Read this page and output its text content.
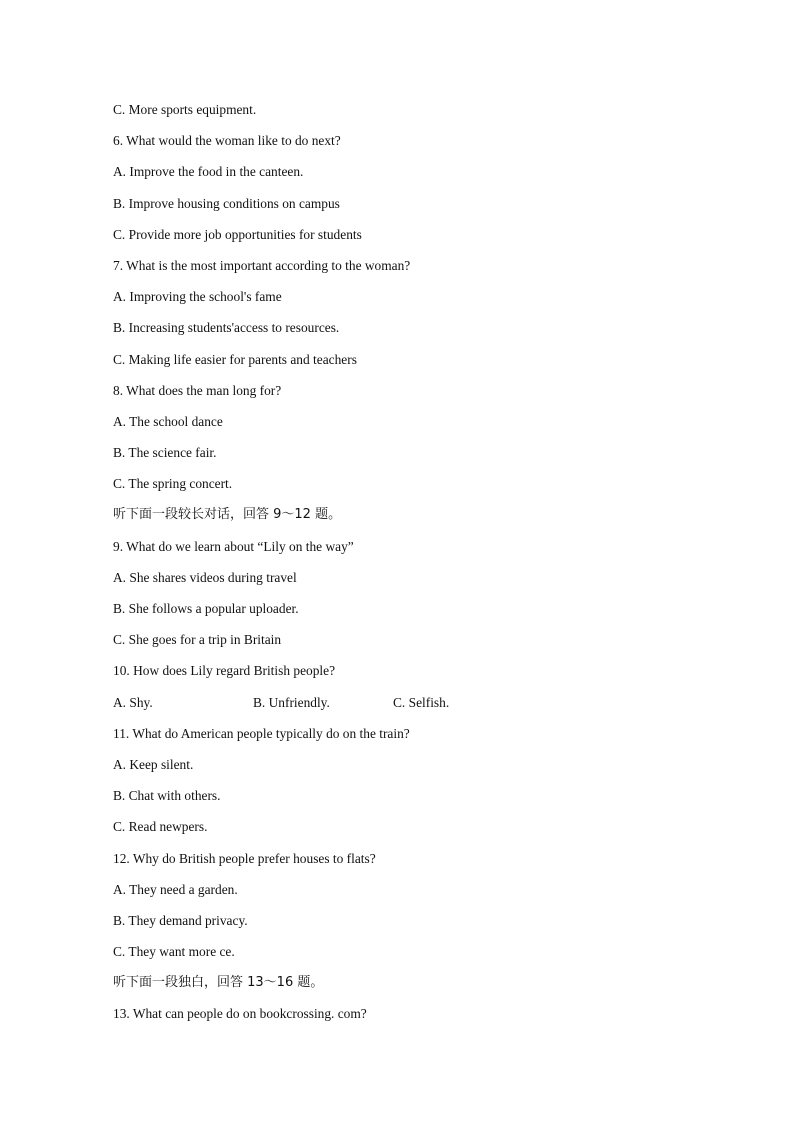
C. More sports equipment.
6. What would the woman like to do next?
A. Improve the food in the canteen.
B. Improve housing conditions on campus
C. Provide more job opportunities for students
7. What is the most important according to the woman?
A. Improving the school's fame
B. Increasing students'access to resources.
C. Making life easier for parents and teachers
8. What does the man long for?
A. The school dance
B. The science fair.
C. The spring concert.
听下面一段较长对话，回答 9～12 题。
9. What do we learn about “Lily on the way”
A. She shares videos during travel
B. She follows a popular uploader.
C. She goes for a trip in Britain
10. How does Lily regard British people?
A. Shy.	B. Unfriendly.	C. Selfish.
11. What do American people typically do on the train?
A. Keep silent.
B. Chat with others.
C. Read newpers.
12. Why do British people prefer houses to flats?
A. They need a garden.
B. They demand privacy.
C. They want more ce.
听下面一段独白，回答 13～16 题。
13. What can people do on bookcrossing. com?
